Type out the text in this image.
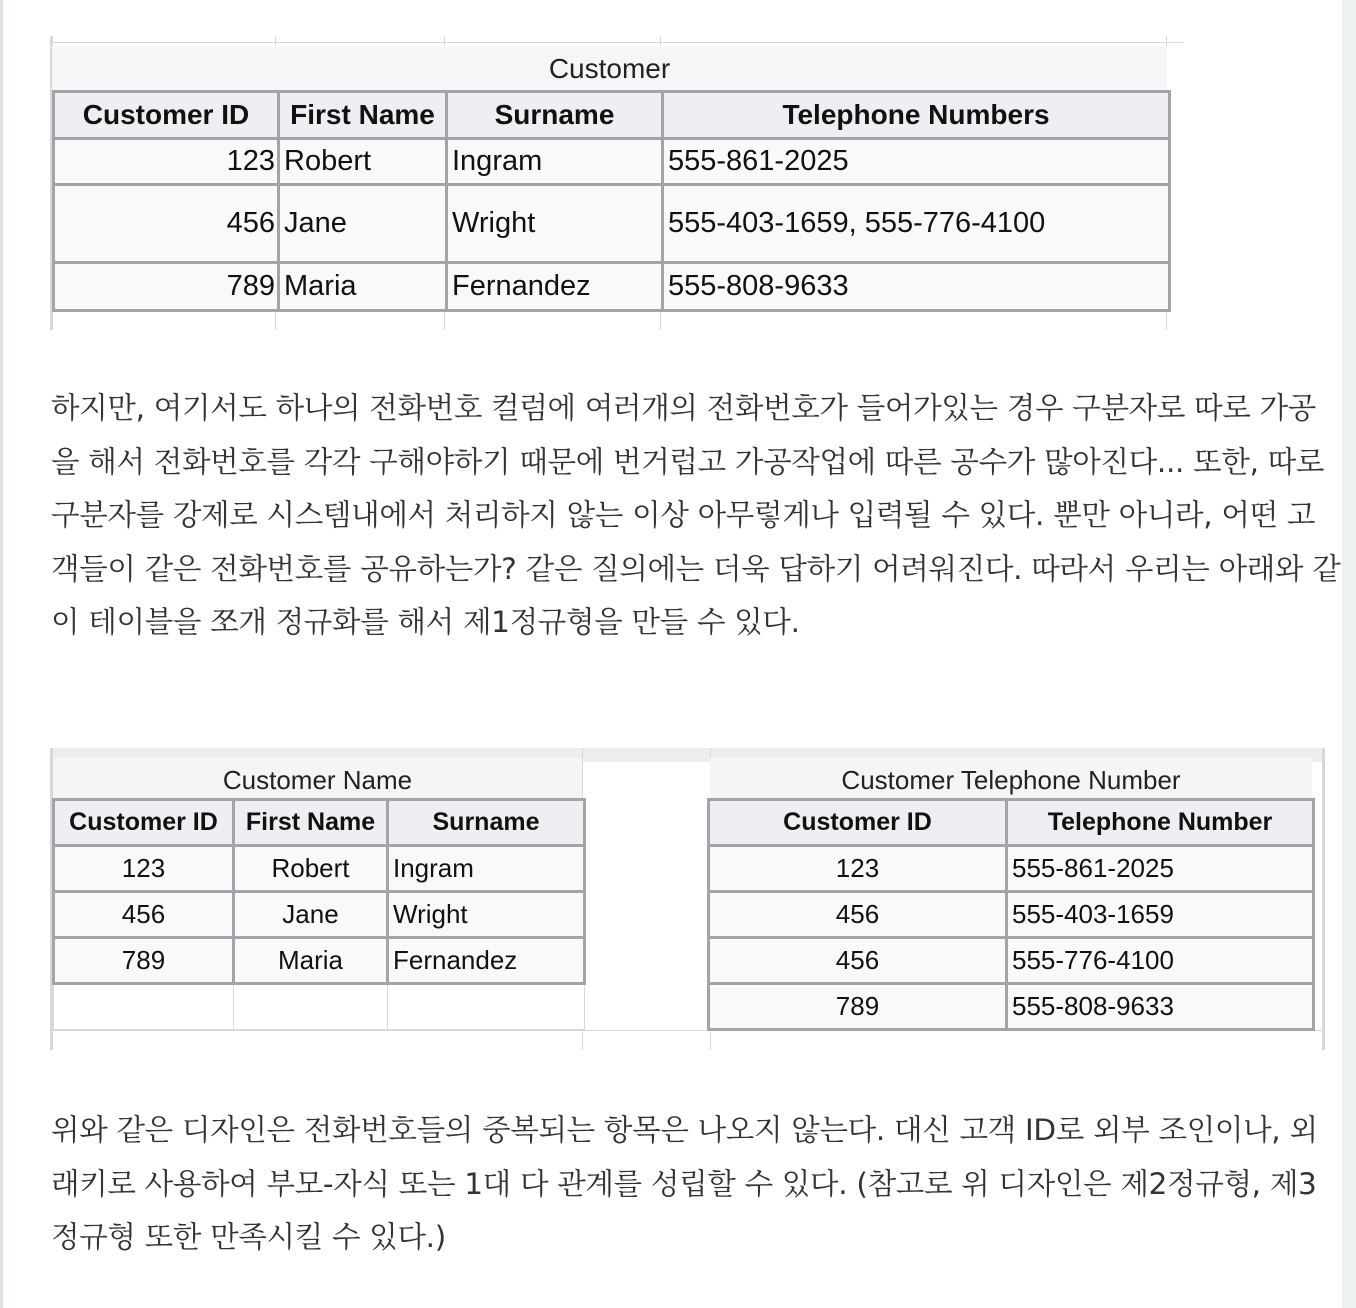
Customer
Customer ID	First Name	Surname	Telephone Numbers
123	Robert	Ingram	555-861-2025
456	Jane	Wright	555-403-1659, 555-776-4100
789	Maria	Fernandez	555-808-9633

하지만, 여기서도 하나의 전화번호 컬럼에 여러개의 전화번호가 들어가있는 경우 구분자로 따로 가공을 해서 전화번호를 각각 구해야하기 때문에 번거럽고 가공작업에 따른 공수가 많아진다... 또한, 따로 구분자를 강제로 시스템내에서 처리하지 않는 이상 아무렇게나 입력될 수 있다. 뿐만 아니라, 어떤 고객들이 같은 전화번호를 공유하는가? 같은 질의에는 더욱 답하기 어려워진다. 따라서 우리는 아래와 같이 테이블을 쪼개 정규화를 해서 제1정규형을 만들 수 있다.

Customer Name
Customer ID	First Name	Surname
123	Robert	Ingram
456	Jane	Wright
789	Maria	Fernandez

Customer Telephone Number
Customer ID	Telephone Number
123	555-861-2025
456	555-403-1659
456	555-776-4100
789	555-808-9633

위와 같은 디자인은 전화번호들의 중복되는 항목은 나오지 않는다. 대신 고객 ID로 외부 조인이나, 외래키로 사용하여 부모-자식 또는 1대 다 관계를 성립할 수 있다. (참고로 위 디자인은 제2정규형, 제3정규형 또한 만족시킬 수 있다.)
